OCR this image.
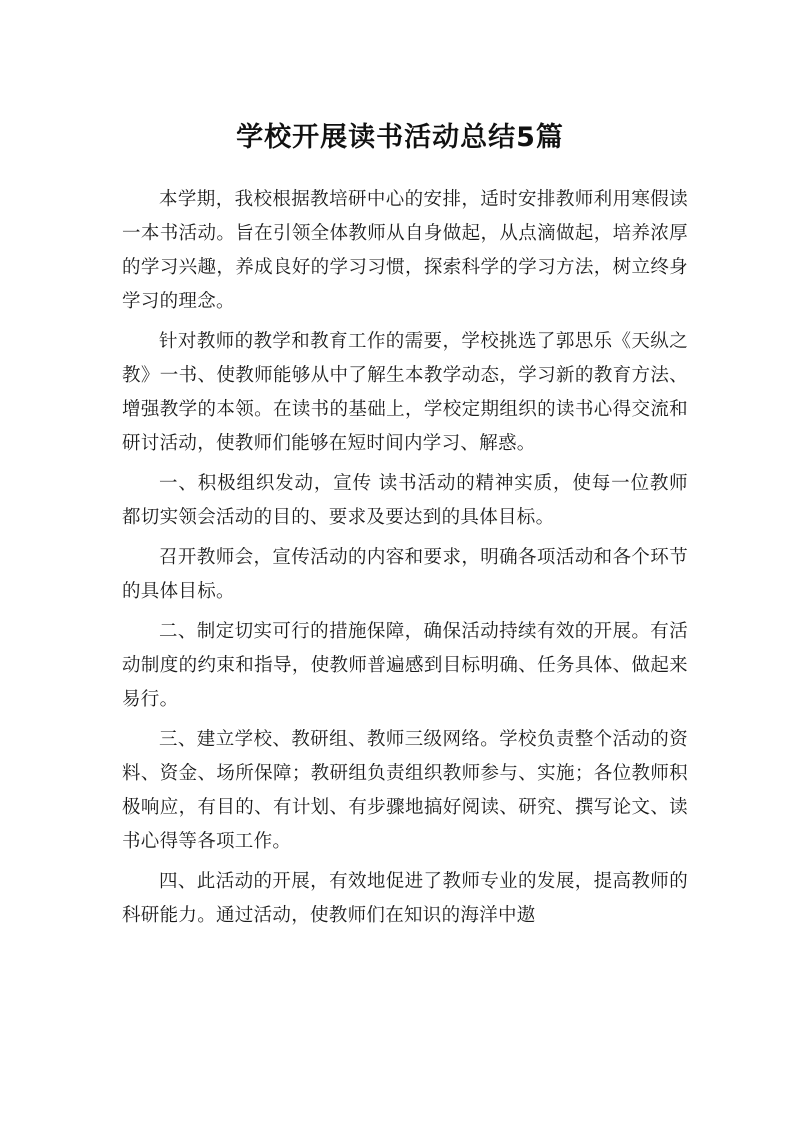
学校开展读书活动总结5篇

本学期，我校根据教培研中心的安排，适时安排教师利用寒假读一本书活动。旨在引领全体教师从自身做起，从点滴做起，培养浓厚的学习兴趣，养成良好的学习习惯，探索科学的学习方法，树立终身学习的理念。

针对教师的教学和教育工作的需要，学校挑选了郭思乐《天纵之教》一书、使教师能够从中了解生本教学动态，学习新的教育方法、增强教学的本领。在读书的基础上，学校定期组织的读书心得交流和研讨活动，使教师们能够在短时间内学习、解惑。

一、积极组织发动，宣传 读书活动的精神实质，使每一位教师都切实领会活动的目的、要求及要达到的具体目标。

召开教师会，宣传活动的内容和要求，明确各项活动和各个环节的具体目标。

二、制定切实可行的措施保障，确保活动持续有效的开展。有活动制度的约束和指导，使教师普遍感到目标明确、任务具体、做起来易行。

三、建立学校、教研组、教师三级网络。学校负责整个活动的资料、资金、场所保障；教研组负责组织教师参与、实施；各位教师积极响应，有目的、有计划、有步骤地搞好阅读、研究、撰写论文、读书心得等各项工作。

四、此活动的开展，有效地促进了教师专业的发展，提高教师的科研能力。通过活动，使教师们在知识的海洋中遨
